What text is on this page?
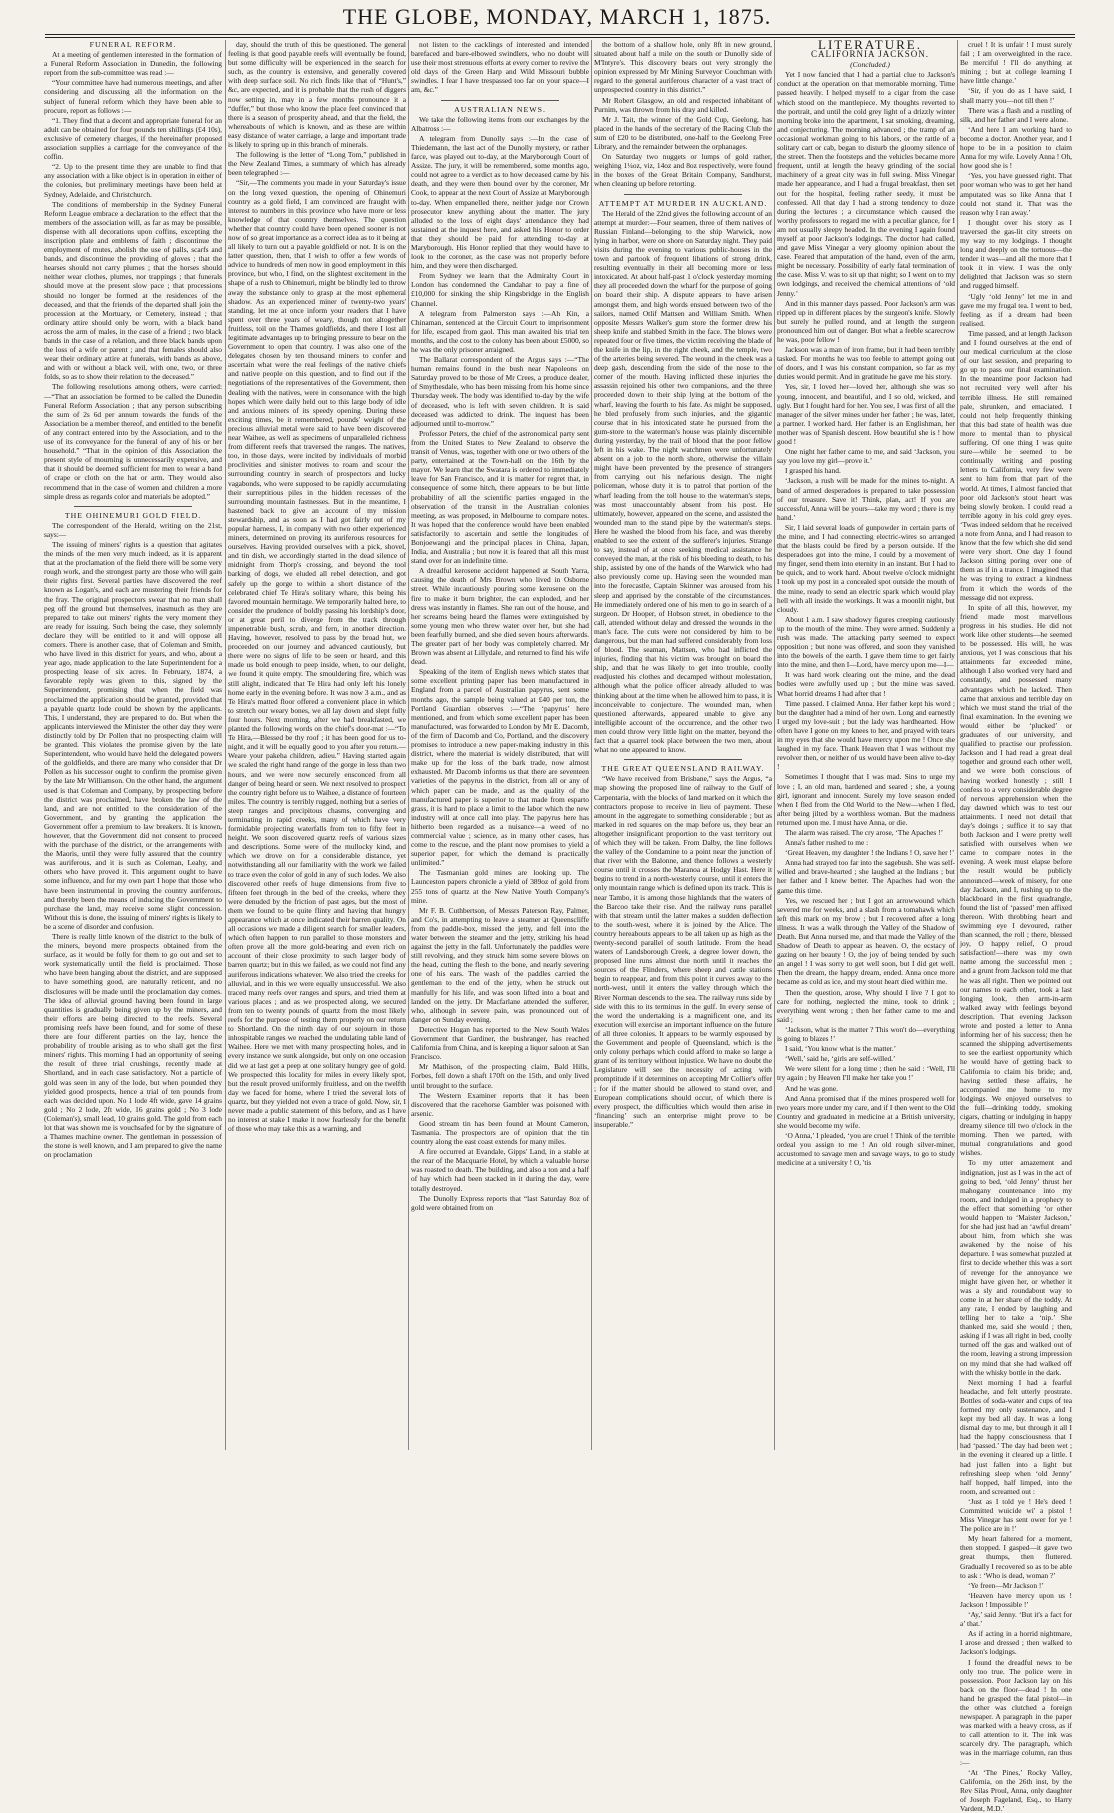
THE GLOBE, MONDAY, MARCH 1, 1875.

FUNERAL REFORM.

At a meeting of gentlemen interested in the formation of a Funeral Reform Association in Dunedin, the following report from the sub-committee was read :—

“Your committee have had numerous meetings, and after considering and discussing all the information on the subject of funeral reform which they have been able to procure, report as follows :—

“1. They find that a decent and appropriate funeral for an adult can be obtained for four pounds ten shillings (£4 10s), exclusive of cemetery charges, if the hereinafter proposed association supplies a carriage for the conveyance of the coffin.

“2. Up to the present time they are unable to find that any association with a like object is in operation in either of the colonies, but preliminary meetings have been held at Sydney, Adelaide, and Christchurch.

The conditions of membership in the Sydney Funeral Reform League embrace a declaration to the effect that the members of the association will, as far as may be possible, dispense with all decorations upon coffins, excepting the inscription plate and emblems of faith ; discontinue the employment of mutes, abolish the use of palls, scarfs and bands, and discontinue the providing of gloves ; that the hearses should not carry plumes ; that the horses should neither wear clothes, plumes, nor trappings ; that funerals should move at the present slow pace ; that processions should no longer be formed at the residences of the deceased, and that the friends of the departed shall join the procession at the Mortuary, or Cemetery, instead ; that ordinary attire should only be worn, with a black band across the arm of males, in the case of a friend ; two black bands in the case of a relation, and three black bands upon the loss of a wife or parent ; and that females should also wear their ordinary attire at funerals, with bands as above, and with or without a black veil, with one, two, or three folds, so as to show their relation to the deceased.”

The following resolutions among others, were carried:—“That an association be formed to be called the Dunedin Funeral Reform Association ; that any person subscribing the sum of 2s 6d per annum towards the funds of the Association be a member thereof, and entitled to the benefit of any contract entered into by the Association, and to the use of its conveyance for the funeral of any of his or her household.” “That in the opinion of this Association the present style of mourning is unnecessarily expensive, and that it should be deemed sufficient for men to wear a band of crape or cloth on the hat or arm. They would also recommend that in the case of women and children a more simple dress as regards color and materials be adopted.”

THE OHINEMURI GOLD FIELD.

The correspondent of the Herald, writing on the 21st, says:—

The issuing of miners' rights is a question that agitates the minds of the men very much indeed, as it is apparent that at the proclamation of the field there will be some very rough work, and the strongest party are those who will gain their rights first. Several parties have discovered the reef known as Logan's, and each are mustering their friends for the fray. The original prospectors swear that no man shall peg off the ground but themselves, inasmuch as they are prepared to take out miners' rights the very moment they are ready for issuing. Such being the case, they solemnly declare they will be entitled to it and will oppose all comers. There is another case, that of Coleman and Smith, who have lived in this district for years, and who, about a year ago, made application to the late Superintendent for a prospecting lease of six acres. In February, 1874, a favorable reply was given to this, signed by the Superintendent, promising that when the field was proclaimed the application should be granted, provided that a payable quartz lode could be shown by the applicants. This, I understand, they are prepared to do. But when the applicants interviewed the Minister the other day they were distinctly told by Dr Pollen that no prospecting claim will be granted. This violates the promise given by the late Superintendent, who would have held the delegated powers of the goldfields, and there are many who consider that Dr Pollen as his successor ought to confirm the promise given by the late Mr Williamson. On the other hand, the argument used is that Coleman and Company, by prospecting before the district was proclaimed, have broken the law of the land, and are not entitled to the consideration of the Government, and by granting the application the Government offer a premium to law breakers. It is known, however, that the Government did not consent to proceed with the purchase of the district, or the arrangements with the Maoris, until they were fully assured that the country was auriferous, and it is such as Coleman, Leahy, and others who have proved it. This argument ought to have some influence, and for my own part I hope that those who have been instrumental in proving the country auriferous, and thereby been the means of inducing the Government to purchase the land, may receive some slight concession. Without this is done, the issuing of miners' rights is likely to be a scene of disorder and confusion.

There is really little known of the district to the bulk of the miners, beyond mere prospects obtained from the surface, as it would be folly for them to go out and set to work systematically until the field is proclaimed. Those who have been hanging about the district, and are supposed to have something good, are naturally reticent, and no disclosures will be made until the proclamation day comes. The idea of alluvial ground having been found in large quantities is gradually being given up by the miners, and their efforts are being directed to the reefs. Several promising reefs have been found, and for some of these there are four different parties on the lay, hence the probability of trouble arising as to who shall get the first miners' rights. This morning I had an opportunity of seeing the result of three trial crushings, recently made at Shortland, and in each case satisfactory. Not a particle of gold was seen in any of the lode, but when pounded they yielded good prospects, hence a trial of ten pounds from each was decided upon. No 1 lode 4ft wide, gave 14 grains gold ; No 2 lode, 2ft wide, 16 grains gold ; No 3 lode (Coleman's), small lead, 10 grains gold. The gold from each lot that was shown me is vouchsafed for by the signature of a Thames machine owner. The gentleman in possession of the stone is well known, and I am prepared to give the name on proclamation

day, should the truth of this be questioned. The general feeling is that good payable reefs will eventually be found, but some difficulty will be experienced in the search for such, as the country is extensive, and generally covered with deep surface soil. No rich finds like that of “Hunt's,” &c, are expected, and it is probable that the rush of diggers now setting in, may in a few months pronounce it a “duffer,” but those who know the place feel convinced that there is a season of prosperity ahead, and that the field, the whereabouts of which is known, and as these are within easy distance of water carriage, a large and important trade is likely to spring up in this branch of minerals.

The following is the letter of “Long Tom,” published in the New Zealand Times, a summary of which has already been telegraphed :—

“Sir,—The comments you made in your Saturday's issue on the long vexed question, the opening of Ohinemuri country as a gold field, I am convinced are fraught with interest to numbers in this province who have more or less knowledge of that country themselves. The question whether that country could have been opened sooner is not now of so great importance as a correct idea as to it being at all likely to turn out a payable goldfield or not. It is on the latter question, then, that I wish to offer a few words of advice to hundreds of men now in good employment in this province, but who, I find, on the slightest excitement in the shape of a rush to Ohinemuri, might be blindly led to throw away the substance only to grasp at the most ephemeral shadow. As an experienced miner of twenty-two years' standing, let me at once inform your readers that I have spent over three years of weary, though not altogether fruitless, toil on the Thames goldfields, and there I lost all legitimate advantages up to bringing pressure to bear on the Government to open that country. I was also one of the delegates chosen by ten thousand miners to confer and ascertain what were the real feelings of the native chiefs and native people on this question, and to find out if the negotiations of the representatives of the Government, then dealing with the natives, were in consonance with the high hopes which were daily held out to this large body of idle and anxious miners of its speedy opening. During these exciting times, be it remembered, pounds' weight of the precious alluvial metal were said to have been discovered near Waihee, as well as specimens of unparalleled richness from different reefs that traversed the ranges. The natives, too, in those days, were incited by individuals of morbid proclivities and sinister motives to roam and scour the surrounding country in search of prospectors and lucky vagabonds, who were supposed to be rapidly accumulating their surreptitious piles in the hidden recesses of the surrounding mountain fastnesses. But in the meantime, I hastened back to give an account of my mission stewardship, and as soon as I had got fairly out of my popular harness, I, in company with two other experienced miners, determined on proving its auriferous resources for ourselves. Having provided ourselves with a pick, shovel, and tin dish, we accordingly started in the dead silence of midnight from Thorp's crossing, and beyond the tool barking of dogs, we eluded all rebel detection, and got safely up the gorge to within a short distance of the celebrated chief Te Hira's solitary whare, this being his favored mountain hermitage. We temporarily halted here, to consider the prudence of boldly passing his lordship's door, or at great peril to diverge from the track through impenetrable bush, scrub, and fern, in another direction. Having, however, resolved to pass by the broad hut, we proceeded on our journey and advanced cautiously, but there were no signs of life to be seen or heard, and this made us bold enough to peep inside, when, to our delight, we found it quite empty. The smouldering fire, which was still alight, indicated that Te Hira had only left his lonely home early in the evening before. It was now 3 a.m., and as Te Hira's matted floor offered a convenient place in which to stretch our weary bones, we all lay down and slept fully four hours. Next morning, after we had breakfasted, we planted the following words on the chief's door-mat :—“To Te Hira,—Blessed be thy roof ; it has been good for us to-night, and it will be equally good to you after you return.—Weare your pakeha children, adieu.” Having started again we scaled the right hand range of the gorge in less than two hours, and we were now securely ensconced from all danger of being heard or seen. We next resolved to prospect the country right before us to Waihee, a distance of fourteen miles. The country is terribly rugged, nothing but a series of steep ranges and precipitous chasms, converging and terminating in rapid creeks, many of which have very formidable projecting waterfalls from ten to fifty feet in height. We soon discovered quartz reefs of various sizes and descriptions. Some were of the mullocky kind, and which we drove on for a considerable distance, yet notwithstanding all our familiarity with the work we failed to trace even the color of gold in any of such lodes. We also discovered other reefs of huge dimensions from five to fifteen feet through in the bed of the creeks, where they were denuded by the friction of past ages, but the most of them we found to be quite flinty and having that hungry appearance which at once indicated their barren quality. On all occasions we made a diligent search for smaller leaders, which often happen to run parallel to those monsters and often prove all the more gold-bearing and even rich on account of their close proximity to such larger body of barren quartz; but in this we failed, as we could not find any auriferous indications whatever. We also tried the creeks for alluvial, and in this we were equally unsuccessful. We also traced many reefs over ranges and spurs, and tried them at various places ; and as we prospected along, we secured from ten to twenty pounds of quartz from the most likely reefs for the purpose of testing them properly on our return to Shortland. On the ninth day of our sojourn in those inhospitable ranges we reached the undulating table land of Waihee. Here we met with many prospecting holes, and in every instance we sunk alongside, but only on one occasion did we at last get a peep at one solitary hungry gee of gold. We prospected this locality for miles in every likely spot, but the result proved uniformly fruitless, and on the twelfth day we faced for home, where I tried the several lots of quartz, but they yielded not even a trace of gold. Now, sir, I never made a public statement of this before, and as I have no interest at stake I make it now fearlessly for the benefit of those who may take this as a warning, and

not listen to the cacklings of interested and intended barefaced and bare-elbowed swindlers, who no doubt will use their most strenuous efforts at every corner to revive the old days of the Green Harp and Wild Missouri bubble swindles. I fear I have trespassed too far on your space—I am, &c.”

AUSTRALIAN NEWS.

We take the following items from our exchanges by the Albatross :—

A telegram from Dunolly says :—In the case of Thiedemann, the last act of the Dunolly mystery, or rather farce, was played out to-day, at the Maryborough Court of Assize. The jury, it will be remembered, some months ago, could not agree to a verdict as to how deceased came by his death, and they were then bound over by the coroner, Mr Cook, to appear at the next Court of Assize at Maryborough to-day. When empanelled there, neither judge nor Crown prosecutor knew anything about the matter. The jury alluded to the loss of eight days' attendance they had sustained at the inquest here, and asked his Honor to order that they should be paid for attending to-day at Maryborough. His Honor replied that they would have to look to the coroner, as the case was not properly before him, and they were then discharged.

From Sydney we learn that the Admiralty Court in London has condemned the Candahar to pay a fine of £10,000 for sinking the ship Kingsbridge in the English Channel.

A telegram from Palmerston says :—Ah Kin, a Chinaman, sentenced at the Circuit Court to imprisonment for life, escaped from gaol. This man awaited his trial ten months, and the cost to the colony has been about £5000, so he was the only prisoner arraigned.

The Ballarat correspondent of the Argus says :—“The human remains found in the bush near Napoleons on Saturday proved to be those of Mr Crees, a produce dealer, of Smythesdale, who has been missing from his home since Thursday week. The body was identified to-day by the wife of deceased, who is left with seven children. It is said deceased was addicted to drink. The inquest has been adjourned until to-morrow.”

Professor Peters, the chief of the astronomical party sent from the United States to New Zealand to observe the transit of Venus, was, together with one or two others of the party, entertained at the Town-hall on the 16th by the mayor. We learn that the Swatara is ordered to immediately leave for San Francisco, and it is matter for regret that, in consequence of some hitch, there appears to be but little probability of all the scientific parties engaged in the observation of the transit in the Australian colonies meeting, as was proposed, in Melbourne to compare notes. It was hoped that the conference would have been enabled satisfactorily to ascertain and settle the longitudes of Bonjoewangi and the principal places in China, Japan, India, and Australia ; but now it is feared that all this must stand over for an indefinite time.

A dreadful kerosene accident happened at South Yarra, causing the death of Mrs Brown who lived in Osborne street. While incautiously pouring some kerosene on the fire to make it burn brighter, the can exploded, and her dress was instantly in flames. She ran out of the house, and her screams being heard the flames were extinguished by some young men who threw water over her, but she had been fearfully burned, and she died seven hours afterwards. The greater part of her body was completely charred. Mr Brown was absent at Lillydale, and returned to find his wife dead.

Speaking of the item of English news which states that some excellent printing paper has been manufactured in England from a parcel of Australian papyrus, sent some months ago, the sample being valued at £40 per ton, the Portland Guardian observes :—“The ‘papyrus’ here mentioned, and from which some excellent paper has been manufactured, was forwarded to London by Mr E. Dacomb, of the firm of Dacomb and Co, Portland, and the discovery promises to introduce a new paper-making industry in this district, where the material is widely distributed, that will make up for the loss of the bark trade, now almost exhausted. Mr Dacomb informs us that there are seventeen varieties of the papyrus in the district, from all or any of which paper can be made, and as the quality of the manufactured paper is superior to that made from esparto grass, it is hard to place a limit to the labor which the new industry will at once call into play. The papyrus here has hitherto been regarded as a nuisance—a weed of no commercial value ; science, as in many other cases, has come to the rescue, and the plant now promises to yield a superior paper, for which the demand is practically unlimited.”

The Tasmanian gold mines are looking up. The Launceston papers chronicle a yield of 389oz of gold from 255 tons of quartz at the New Native Youth Company's mine.

Mr F. B. Cuthbertson, of Messrs Paterson Ray, Palmer, and Co's, in attempting to leave a steamer at Queenscliffe from the paddle-box, missed the jetty, and fell into the water between the steamer and the jetty, striking his head against the jetty in the fall. Unfortunately the paddles were still revolving, and they struck him some severe blows on the head, cutting the flesh to the bone, and nearly severing one of his ears. The wash of the paddles carried the gentleman to the end of the jetty, when he struck out manfully for his life, and was soon lifted into a boat and landed on the jetty. Dr Macfarlane attended the sufferer, who, although in severe pain, was pronounced out of danger on Sunday evening.

Detective Hogan has reported to the New South Wales Government that Gardiner, the bushranger, has reached California from China, and is keeping a liquor saloon at San Francisco.

Mr Mathison, of the prospecting claim, Bald Hills, Forbes, fell down a shaft 170ft on the 15th, and only lived until brought to the surface.

The Western Examiner reports that it has been discovered that the racehorse Gambler was poisoned with arsenic.

Good stream tin has been found at Mount Cameron, Tasmania. The prospectors are of opinion that the tin country along the east coast extends for many miles.

A fire occurred at Evandale, Gipps' Land, in a stable at the rear of the Macquarie Hotel, by which a valuable horse was roasted to death. The building, and also a ton and a half of hay which had been stacked in it during the day, were totally destroyed.

The Dunolly Express reports that “last Saturday 8oz of gold were obtained from on

the bottom of a shallow hole, only 8ft in new ground, situated about half a mile on the south or Dunolly side of M'Intyre's. This discovery bears out very strongly the opinion expressed by Mr Mining Surveyor Couchman with regard to the general auriferous character of a vast tract of unprospected country in this district.”

Mr Robert Glasgow, an old and respected inhabitant of Purnim, was thrown from his dray and killed.

Mr J. Tait, the winner of the Gold Cup, Geelong, has placed in the hands of the secretary of the Racing Club the sum of £20 to be distributed, one-half to the Geelong Free Library, and the remainder between the orphanages.

On Saturday two nuggets or lumps of gold rather, weighing 1¼oz, viz, 14oz and 8oz respectively, were found in the boxes of the Great Britain Company, Sandhurst, when cleaning up before retorting.

ATTEMPT AT MURDER IN AUCKLAND.

The Herald of the 22nd gives the following account of an attempt at murder:—Four seamen, three of them natives of Russian Finland—belonging to the ship Warwick, now lying in harbor, were on shore on Saturday night. They paid visits during the evening to various public-houses in the town and partook of frequent libations of strong drink, resulting eventually in their all becoming more or less intoxicated. At about half-past 1 o'clock yesterday morning they all proceeded down the wharf for the purpose of going on board their ship. A dispute appears to have arisen amongst them, and high words ensued between two of the sailors, named Otlif Mattsen and William Smith. When opposite Messrs Walker's gum store the former drew his sheep knife and stabbed Smith in the face. The blows were repeated four or five times, the victim receiving the blade of the knife in the lip, in the right cheek, and the temple, two of the arteries being severed. The wound in the cheek was a deep gash, descending from the side of the nose to the corner of the mouth. Having inflicted these injuries the assassin rejoined his other two companions, and the three proceeded down to their ship lying at the bottom of the wharf, leaving the fourth to his fate. As might be supposed, he bled profusely from such injuries, and the gigantic course that in his intoxicated state he pursued from the gum-store to the waterman's house was plainly discernible during yesterday, by the trail of blood that the poor fellow left in his wake. The night watchmen were unfortunately absent on a job to the north shore, otherwise the villain might have been prevented by the presence of strangers from carrying out his nefarious design. The night policeman, whose duty it is to patrol that portion of the wharf leading from the toll house to the waterman's steps, was most unaccountably absent from his post. He ultimately, however, appeared on the scene, and assisted the wounded man to the stand pipe by the waterman's steps. Here he washed the blood from his face, and was thereby enabled to see the extent of the sufferer's injuries. Strange to say, instead of at once seeking medical assistance he conveyed the man, at the risk of his bleeding to death, to his ship, assisted by one of the hands of the Warwick who had also previously come up. Having seen the wounded man into the forecastle, Captain Skinner was aroused from his sleep and apprised by the constable of the circumstances. He immediately ordered one of his men to go in search of a surgeon. Dr Hooper, of Hobson street, in obedience to the call, attended without delay and dressed the wounds in the man's face. The cuts were not considered by him to be dangerous, but the man had suffered considerably from loss of blood. The seaman, Mattsen, who had inflicted the injuries, finding that his victim was brought on board the ship, and that he was likely to get into trouble, coolly readjusted his clothes and decamped without molestation, although what the police officer already alluded to was thinking about at the time when he allowed him to pass, it is inconceivable to conjecture. The wounded man, when questioned afterwards, appeared unable to give any intelligible account of the occurrence, and the other two men could throw very little light on the matter, beyond the fact that a quarrel took place between the two men, about what no one appeared to know.

THE GREAT QUEENSLAND RAILWAY.

“We have received from Brisbane,” says the Argus, “a map showing the proposed line of railway to the Gulf of Carpentaria, with the blocks of land marked on it which the contractors propose to receive in lieu of payment. These amount in the aggregate to something considerable ; but as marked in red squares on the map before us, they bear an altogether insignificant proportion to the vast territory out of which they will be taken. From Dalby, the line follows the valley of the Condamine to a point near the junction of that river with the Balonne, and thence follows a westerly course until it crosses the Maranoa at Hodgy Hast. Here it begins to trend in a north-westerly course, until it enters the only mountain range which is defined upon its track. This is near Tambo, it is among those highlands that the waters of the Barcoo take their rise. And the railway runs parallel with that stream until the latter makes a sudden deflection to the south-west, where it is joined by the Alice. The country hereabouts appears to be all taken up as high as the twenty-second parallel of south latitude. From the head waters of Landsborough Creek, a degree lower down, the proposed line runs almost due north until it reaches the sources of the Flinders, where sheep and cattle stations begin to reappear, and from this point it curves away to the north-west, until it enters the valley through which the River Norman descends to the sea. The railway runs side by side with this to its terminus in the gulf. In every sense of the word the undertaking is a magnificent one, and its execution will exercise an important influence on the future of all three colonies. It appears to be warmly espoused by the Government and people of Queensland, which is the only colony perhaps which could afford to make so large a grant of its territory without injustice. We have no doubt the Legislature will see the necessity of acting with promptitude if it determines on accepting Mr Collier's offer ; for if the matter should be allowed to stand over, and European complications should occur, of which there is every prospect, the difficulties which would then arise in ‘financing’ such an enterprise might prove to be insuperable.”

LITERATURE.

CALIFORNIA JACKSON.

(Concluded.)

Yet I now fancied that I had a partial clue to Jackson's conduct at the operation on that memorable morning. Time passed heavily. I helped myself to a cigar from the case which stood on the mantlepiece. My thoughts reverted to the portrait, and until the cold grey light of a drizzly winter morning broke into the apartment, I sat smoking, dreaming, and conjecturing. The morning advanced ; the tramp of an occasional workman going to his labors, or the rattle of a solitary cart or cab, began to disturb the gloomy silence of the street. Then the footsteps and the vehicles became more frequent, until at length the heavy grinding of the social machinery of a great city was in full swing. Miss Vinegar made her appearance, and I had a frugal breakfast, then set out for the hospital, feeling rather seedy, it must be confessed. All that day I had a strong tendency to doze during the lectures ; a circumstance which caused the worthy professors to regard me with a peculiar glance, for I am not usually sleepy headed. In the evening I again found myself at poor Jackson's lodgings. The doctor had called, and gave Miss Vinegar a very gloomy opinion about the case. Feared that amputation of the hand, even of the arm, might be necessary. Possibility of early fatal termination of the case. Miss V. was to sit up that night; so I went on to my own lodgings, and received the chemical attentions of ‘old Jenny.’

And in this manner days passed. Poor Jackson's arm was ripped up in different places by the surgeon's knife. Slowly but surely he pulled round, and at length the surgeon pronounced him out of danger. But what a feeble scarecrow he was, poor fellow !

Jackson was a man of iron frame, but it had been terribly tasked. For months he was too feeble to attempt going out of doors, and I was his constant companion, so far as my duties would permit. And in gratitude he gave me his story.

Yes, sir, I loved her—loved her, although she was so young, innocent, and beautiful, and I so old, wicked, and ugly. But I fought hard for her. You see, I was first of all the manager of the silver mines under her father ; he was, later, a partner. I worked hard. Her father is an Englishman, her mother was of Spanish descent. How beautiful she is ! how good !

One night her father came to me, and said ‘Jackson, you say you love my girl—prove it.’

I grasped his hand.

‘Jackson, a rush will be made for the mines to-night. A band of armed desperadoes is prepared to take possession of our treasure. Save it! Think, plan, act! If you are successful, Anna will be yours—take my word ; there is my hand.’

Sir, I laid several loads of gunpowder in certain parts of the mine, and I had connecting electric-wires so arranged that the blasts could be fired by a person outside. If the desperadoes got into the mine, I could by a movement of my finger, send them into eternity in an instant. But I had to be quick, and to work hard. About twelve o'clock midnight I took up my post in a concealed spot outside the mouth of the mine, ready to send an electric spark which would play hell with all inside the workings. It was a moonlit night, but cloudy.

About 1 a.m. I saw shadowy figures creeping cautiously up to the mouth of the mine. They were armed. Suddenly a rush was made. The attacking party seemed to expect opposition ; but none was offered, and soon they vanished into the bowels of the earth. I gave them time to get fairly into the mine, and then I—Lord, have mercy upon me—I—

It was hard work clearing out the mine, and the dead bodies were awfully used up ; but the mine was saved. What horrid dreams I had after that !

Time passed. I claimed Anna. Her father kept his word ; but the daughter had a mind of her own. Long and earnestly I urged my love-suit ; but the lady was hardhearted. How often have I gone on my knees to her, and prayed with tears in my eyes that she would have mercy upon me ! Once she laughed in my face. Thank Heaven that I was without my revolver then, or neither of us would have been alive to-day !

Sometimes I thought that I was mad. Sins to urge my love ; I, an old man, hardened and seared ; she, a young girl, ignorant and innocent. Surely my love season ended when I fled from the Old World to the New—when I fled, after being jilted by a worthless woman. But the madness returned upon me. I must have Anna, or die.

The alarm was raised. The cry arose, ‘The Apaches !’

Anna's father rushed to me :

‘Great Heaven, my daughter ! the Indians ! O, save her !’

Anna had strayed too far into the sagebush. She was self-willed and brave-hearted ; she laughed at the Indians ; but her father and I knew better. The Apaches had won the game this time.

Yes, we rescued her ; but I got an arrowwound which severed me for weeks, and a slash from a tomahawk which left this mark on my brow ; but I recovered after a long illness. It was a walk through the Valley of the Shadow of Death. But Anna nursed me, and that made the Valley of the Shadow of Death to appear as heaven. O, the ecstacy of gazing on her beauty ! O, the joy of being tended by such an angel ! I was sorry to get well soon, but I did get well. Then the dream, the happy dream, ended. Anna once more became as cold as ice, and my stout heart died within me.

Then the question, arose, Why should I live ? I got to care for nothing, neglected the mine, took to drink ; everything went wrong ; then her father came to me and said ;

‘Jackson, what is the matter ? This won't do—everything is going to blazes !’

I said, ‘You know what is the matter.’

‘Well,’ said he, ‘girls are self-willed.’

We were silent for a long time ; then he said : ‘Well, I'll try again ; by Heaven I'll make her take you !’

And he was gone.

And Anna promised that if the mines prospered well for two years more under my care, and if I then went to the Old Country and graduated in medicine at a British university, she would become my wife.

‘O Anna,’ I pleaded, ‘you are cruel ! Think of the terrible ordeal you assign to me ! An old rough silver-miner, accustomed to savage men and savage ways, to go to study medicine at a university ! O, 'tis

cruel ! It is unfair ! I must surely fail ; I am overweighted in the race. Be merciful ! I'll do anything at mining ; but at college learning I have little change.’

‘Sir, if you do as I have said, I shall marry you—not till then !’

There was a flash and a rustling of silk, and her father and I were alone.

‘And here I am working hard to become a doctor. Another year, and I hope to be in a position to claim Anna for my wife. Lovely Anna ! Oh, how good she is !

‘Yes, you have guessed right. That poor woman who was to get her hand amputated was so like Anna that I could not stand it. That was the reason why I ran away.’

I thought over his story as I traversed the gas-lit city streets on my way to my lodgings. I thought long and deeply on the tortuous—the tender it was—and all the more that I took it in view. I was the only delighted that Jackson was so stern and rugged himself.

‘Ugly ‘old Jenny’ let me in and gave me my frugal tea. I went to bed, feeling as if a dream had been realised.

Time passed, and at length Jackson and I found ourselves at the end of our medical curriculum at the close of our last session, and preparing to go up to pass our final examination. In the meantime poor Jackson had not recruited very well after his terrible illness. He still remained pale, shrunken, and emaciated. I could not help frequently thinking that this bad state of health was due more to mental than to physical suffering. Of one thing I was quite sure—while he seemed to be continually writing and posting letters to California, very few were sent to him from that part of the world. At times, I almost fancied that poor old Jackson's stout heart was being slowly broken. I could read a terrible agony in his cold grey eyes. ‘Twas indeed seldom that he received a note from Anna, and I had reason to know that the few which she did send were very short. One day I found Jackson sitting poring over one of them as if in a trance. I imagined that he was trying to extract a kindness from it which the words of the message did not express.

In spite of all this, however, my friend made most marvellous progress in his studies. He did not work like other students—he seemed to be possessed. His will, he was anxious, yet I was conscious that his attainments far exceeded mine, although I also worked very hard and constantly, and possessed many advantages which he lacked. Then came that anxious and terrible day on which we must stand the trial of the final examination. In the evening we would either be ‘plucked’ or graduates of our university, and qualified to practise our profession. Jackson and I had read a great deal together and ground each other well, and we were both conscious of having worked honestly ; still I confess to a very considerable degree of nervous apprehension when the day dawned which was to test our attainments. I need not detail that day's doings ; suffice it to say that both Jackson and I were pretty well satisfied with ourselves when we came to compare notes in the evening. A week must elapse before the result would be publicly announced—week of misery, for one day Jackson, and I, rushing up to the blackboard in the first quadrangle, found the list of ‘passed’ men affixed thereon. With throbbing heart and swimming eye I devoured, rather than scanned, the roll ; there, blessed joy, O happy relief, O proud satisfaction!—there was my own name among the successful men ; and a grunt from Jackson told me that he was all right. Then we pointed out our names to each other, took a last longing look, then arm-in-arm walked away with feelings beyond description. That evening Jackson wrote and posted a letter to Anna informing her of his success; then he scanned the shipping advertisements to see the earliest opportunity which he would have of getting back to California to claim his bride; and, having settled these affairs, he accompanied me home to my lodgings. We enjoyed ourselves to the full—drinking toddy, smoking cigars, chatting or indulging in happy dreamy silence till two o'clock in the morning. Then we parted, with mutual congratulations and good wishes.

To my utter amazement and indignation, just as I was in the act of going to bed, ‘old Jenny’ thrust her mahogany countenance into my room, and indulged in a prophecy to the effect that something ‘or other would happen to ‘Maister Jackson,’ for she had just had an ‘awful dream’ about him, from which she was awakened by the noise of his departure. I was somewhat puzzled at first to decide whether this was a sort of revenge for the annoyance we might have given her, or whether it was a sly and roundabout way to come in at her share of the toddy. At any rate, I ended by laughing and telling her to take a ‘nip.’ She thanked me, said she would ; then, asking if I was all right in bed, coolly turned off the gas and walked out of the room, leaving a strong impression on my mind that she had walked off with the whisky bottle in the dark.

Next morning I had a fearful headache, and felt utterly prostrate. Bottles of soda-water and cups of tea formed my only sustenance, and I kept my bed all day. It was a long dismal day to me, but through it all I had the happy consciousness that I had ‘passed.’ The day had been wet ; in the evening it cleared up a little. I had just fallen into a light but refreshing sleep when ‘old Jenny’ half hopped, half limped, into the room, and screamed out :

‘Just as I told ye ! He's deed ! Committed wuicide wi' a pistol ! Miss Vinegar has sent ower for ye ! The police are in !’

My heart faltered for a moment, then stopped. I gasped—it gave two great thumps, then fluttered. Gradually I recovered so as to be able to ask : ‘Who is dead, woman ?’

‘Ye freen—Mr Jackson !’

‘Heaven have mercy upon us ! Jackson ! Impossible !’

‘Ay,’ said Jenny. ‘But it's a fact for a’ that.’

As if acting in a horrid nightmare, I arose and dressed ; then walked to Jackson's lodgings.

I found the dreadful news to be only too true. The police were in possession. Poor Jackson lay on his back on the floor—dead ! In one hand he grasped the fatal pistol—in the other was clutched a foreign newspaper. A paragraph in the paper was marked with a heavy cross, as if to call attention to it. The ink was scarcely dry. The paragraph, which was in the marriage column, ran thus :—

‘At ‘The Pines,’ Rocky Valley, California, on the 26th inst, by the Rev Silas Proul, Anna, only daughter of Joseph Fageland, Esq., to Harry Vardent, M.D.’
